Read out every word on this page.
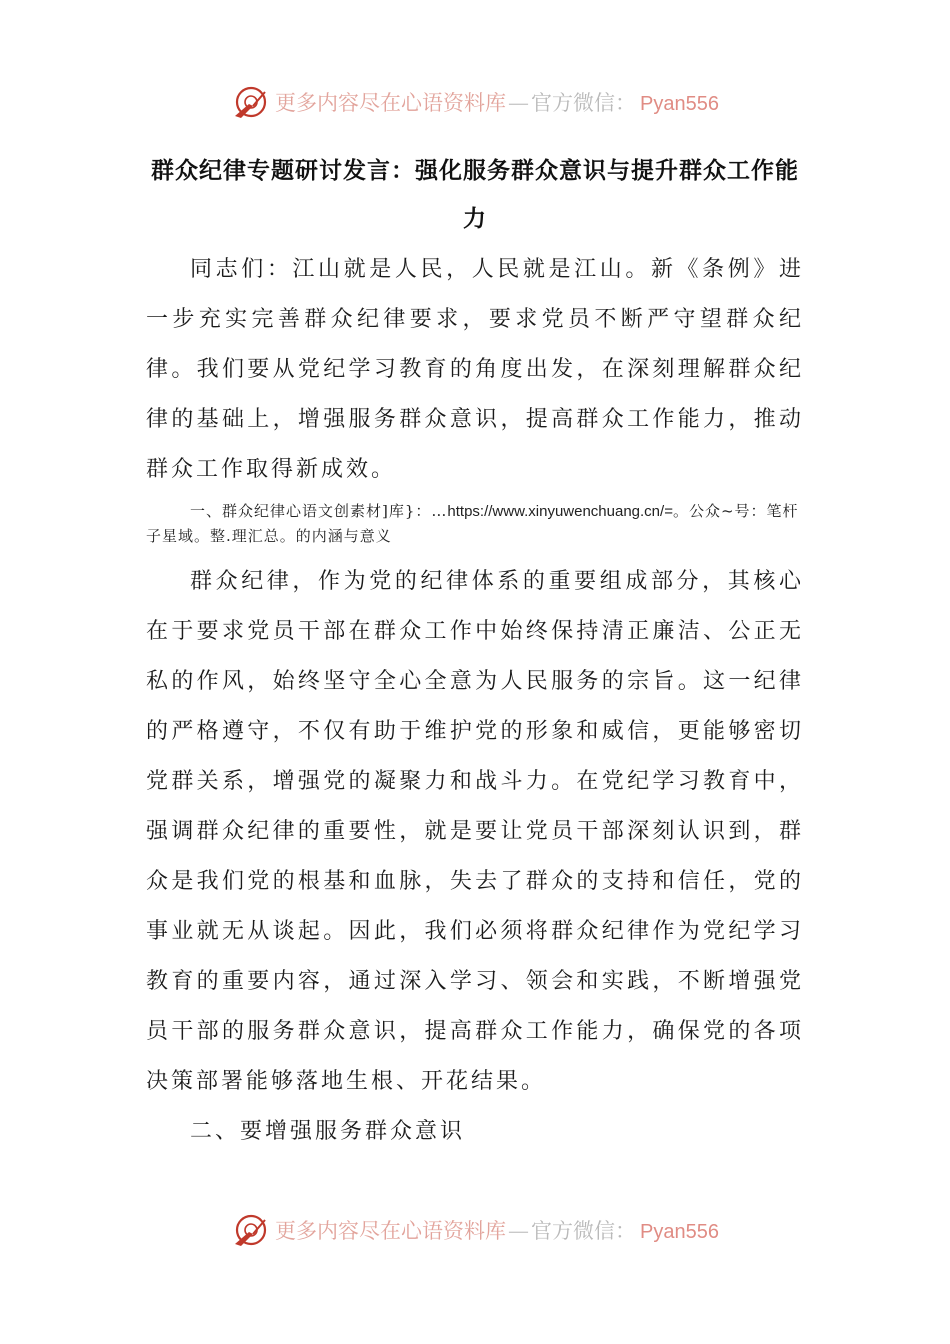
更多内容尽在心语资料库—官方微信： Pyan556
群众纪律专题研讨发言：强化服务群众意识与提升群众工作能力

同志们：江山就是人民，人民就是江山。新《条例》进一步充实完善群众纪律要求，要求党员不断严守望群众纪律。我们要从党纪学习教育的角度出发，在深刻理解群众纪律的基础上，增强服务群众意识，提高群众工作能力，推动群众工作取得新成效。

一、群众纪律心语文创素材]库}：…https://www.xinyuwenchuang.cn/=。公众~号：笔杆子星域。整.理汇总。的内涵与意义

群众纪律，作为党的纪律体系的重要组成部分，其核心在于要求党员干部在群众工作中始终保持清正廉洁、公正无私的作风，始终坚守全心全意为人民服务的宗旨。这一纪律的严格遵守，不仅有助于维护党的形象和威信，更能够密切党群关系，增强党的凝聚力和战斗力。在党纪学习教育中，强调群众纪律的重要性，就是要让党员干部深刻认识到，群众是我们党的根基和血脉，失去了群众的支持和信任，党的事业就无从谈起。因此，我们必须将群众纪律作为党纪学习教育的重要内容，通过深入学习、领会和实践，不断增强党员干部的服务群众意识，提高群众工作能力，确保党的各项决策部署能够落地生根、开花结果。

二、要增强服务群众意识

更多内容尽在心语资料库—官方微信： Pyan556
